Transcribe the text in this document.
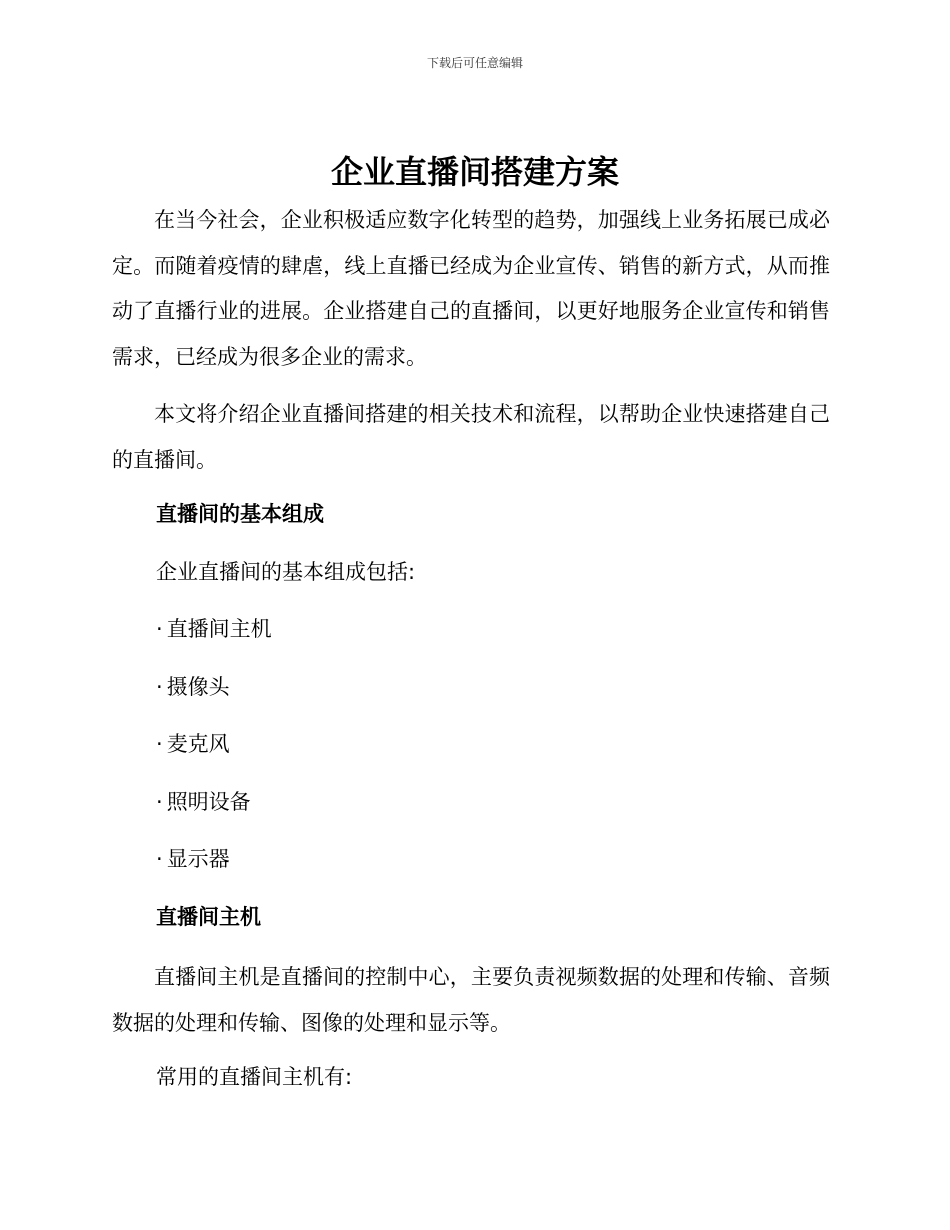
下载后可任意编辑
企业直播间搭建方案

在当今社会，企业积极适应数字化转型的趋势，加强线上业务拓展已成必定。而随着疫情的肆虐，线上直播已经成为企业宣传、销售的新方式，从而推动了直播行业的进展。企业搭建自己的直播间，以更好地服务企业宣传和销售需求，已经成为很多企业的需求。

本文将介绍企业直播间搭建的相关技术和流程，以帮助企业快速搭建自己的直播间。

直播间的基本组成
企业直播间的基本组成包括:
· 直播间主机
· 摄像头
· 麦克风
· 照明设备
· 显示器
直播间主机

直播间主机是直播间的控制中心，主要负责视频数据的处理和传输、音频数据的处理和传输、图像的处理和显示等。

常用的直播间主机有:
